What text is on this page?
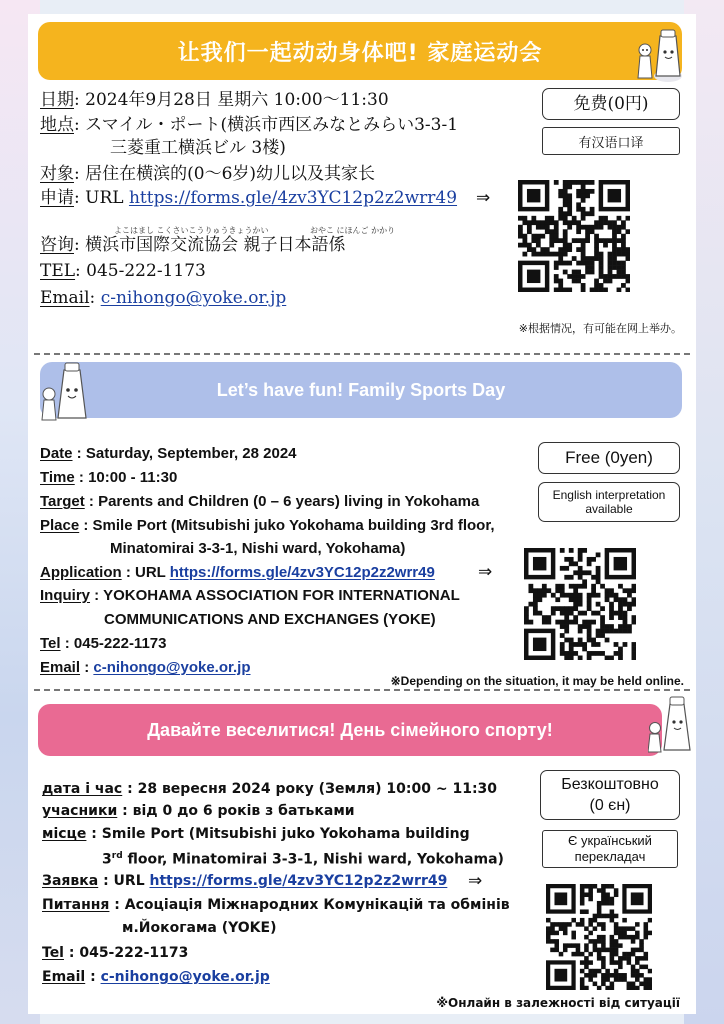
让我们一起动动身体吧! 家庭运动会
日期: 2024年9月28日 星期六 10:00〜11:30
地点: スマイル・ポート(横浜市西区みなとみらい3-3-1
三菱重工横浜ビル 3楼)
对象: 居住在横滨的(0〜6岁)幼儿以及其家长
申请: URL https://forms.gle/4zv3YC12p2z2wrr49 ⇒
よこはまし こくさいこうりゅうきょうかい	おやこ にほんご かかり
咨询: 横浜市国際交流協会 親子日本語係
TEL: 045-222-1173
Email: c-nihongo@yoke.or.jp
免费(0円)
有汉语口译
※根据情况，有可能在网上举办。
Let’s have fun! Family Sports Day
Date : Saturday, September, 28 2024
Time : 10:00 - 11:30
Target : Parents and Children (0 – 6 years) living in Yokohama
Place : Smile Port (Mitsubishi juko Yokohama building 3rd floor,
Minatomirai 3-3-1, Nishi ward, Yokohama)
Application : URL https://forms.gle/4zv3YC12p2z2wrr49	⇒
Inquiry : YOKOHAMA ASSOCIATION FOR INTERNATIONAL
COMMUNICATIONS AND EXCHANGES (YOKE)
Tel : 045-222-1173
Email : c-nihongo@yoke.or.jp
Free (0yen)
English interpretation available
※Depending on the situation, it may be held online.
Давайте веселитися! День сімейного спорту!
дата і час : 28 вересня 2024 року (Земля) 10:00 ~ 11:30
учасники : від 0 до 6 років з батьками
місце : Smile Port (Mitsubishi juko Yokohama building
3rd floor, Minatomirai 3-3-1, Nishi ward, Yokohama)
Заявка : URL https://forms.gle/4zv3YC12p2z2wrr49 ⇒
Питання : Асоціація Міжнародних Комунікацій та обмінів
м.Йокогама (YOKE)
Tel : 045-222-1173
Email : c-nihongo@yoke.or.jp
Безкоштовно
(0 єн)
Є український
перекладач
※Онлайн в залежності від ситуації
